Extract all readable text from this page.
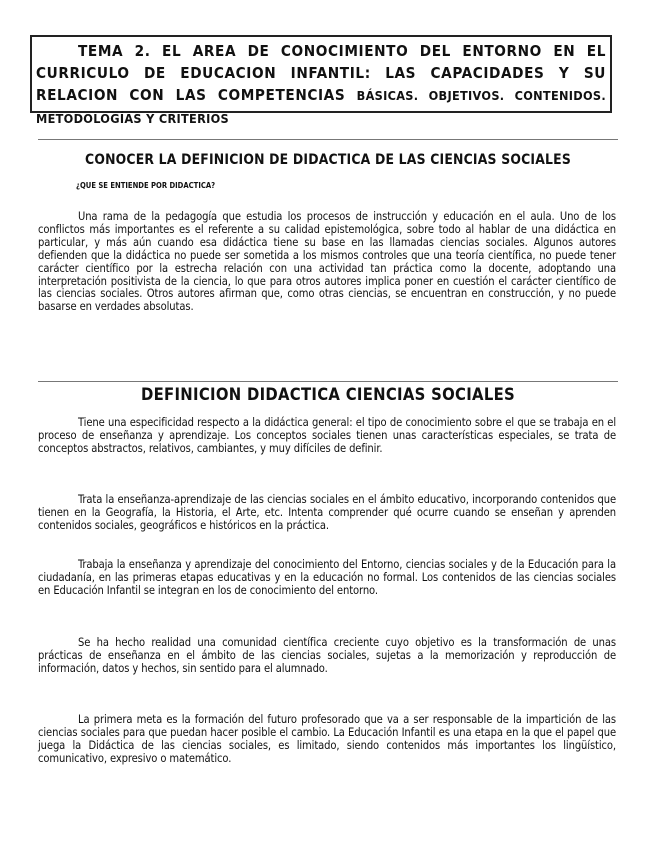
TEMA 2. EL AREA DE CONOCIMIENTO DEL ENTORNO EN EL CURRICULO DE EDUCACION INFANTIL: LAS CAPACIDADES Y SU RELACION CON LAS COMPETENCIAS BÁSICAS. OBJETIVOS. CONTENIDOS. METODOLOGÍAS Y CRITERIOS

CONOCER LA DEFINICION DE DIDACTICA DE LAS CIENCIAS SOCIALES

¿QUE SE ENTIENDE POR DIDACTICA?

Una rama de la pedagogía que estudia los procesos de instrucción y educación en el aula. Uno de los conflictos más importantes es el referente a su calidad epistemológica, sobre todo al hablar de una didáctica en particular, y más aún cuando esa didáctica tiene su base en las llamadas ciencias sociales. Algunos autores defienden que la didáctica no puede ser sometida a los mismos controles que una teoría científica, no puede tener carácter científico por la estrecha relación con una actividad tan práctica como la docente, adoptando una interpretación positivista de la ciencia, lo que para otros autores implica poner en cuestión el carácter científico de las ciencias sociales. Otros autores afirman que, como otras ciencias, se encuentran en construcción, y no puede basarse en verdades absolutas.

DEFINICION DIDACTICA CIENCIAS SOCIALES

Tiene una especificidad respecto a la didáctica general: el tipo de conocimiento sobre el que se trabaja en el proceso de enseñanza y aprendizaje. Los conceptos sociales tienen unas características especiales, se trata de conceptos abstractos, relativos, cambiantes, y muy difíciles de definir.

Trata la enseñanza-aprendizaje de las ciencias sociales en el ámbito educativo, incorporando contenidos que tienen en la Geografía, la Historia, el Arte, etc. Intenta comprender qué ocurre cuando se enseñan y aprenden contenidos sociales, geográficos e históricos en la práctica.

Trabaja la enseñanza y aprendizaje del conocimiento del Entorno, ciencias sociales y de la Educación para la ciudadanía, en las primeras etapas educativas y en la educación no formal. Los contenidos de las ciencias sociales en Educación Infantil se integran en los de conocimiento del entorno.

Se ha hecho realidad una comunidad científica creciente cuyo objetivo es la transformación de unas prácticas de enseñanza en el ámbito de las ciencias sociales, sujetas a la memorización y reproducción de información, datos y hechos, sin sentido para el alumnado.

La primera meta es la formación del futuro profesorado que va a ser responsable de la impartición de las ciencias sociales para que puedan hacer posible el cambio. La Educación Infantil es una etapa en la que el papel que juega la Didáctica de las ciencias sociales, es limitado, siendo contenidos más importantes los lingüístico, comunicativo, expresivo o matemático.
